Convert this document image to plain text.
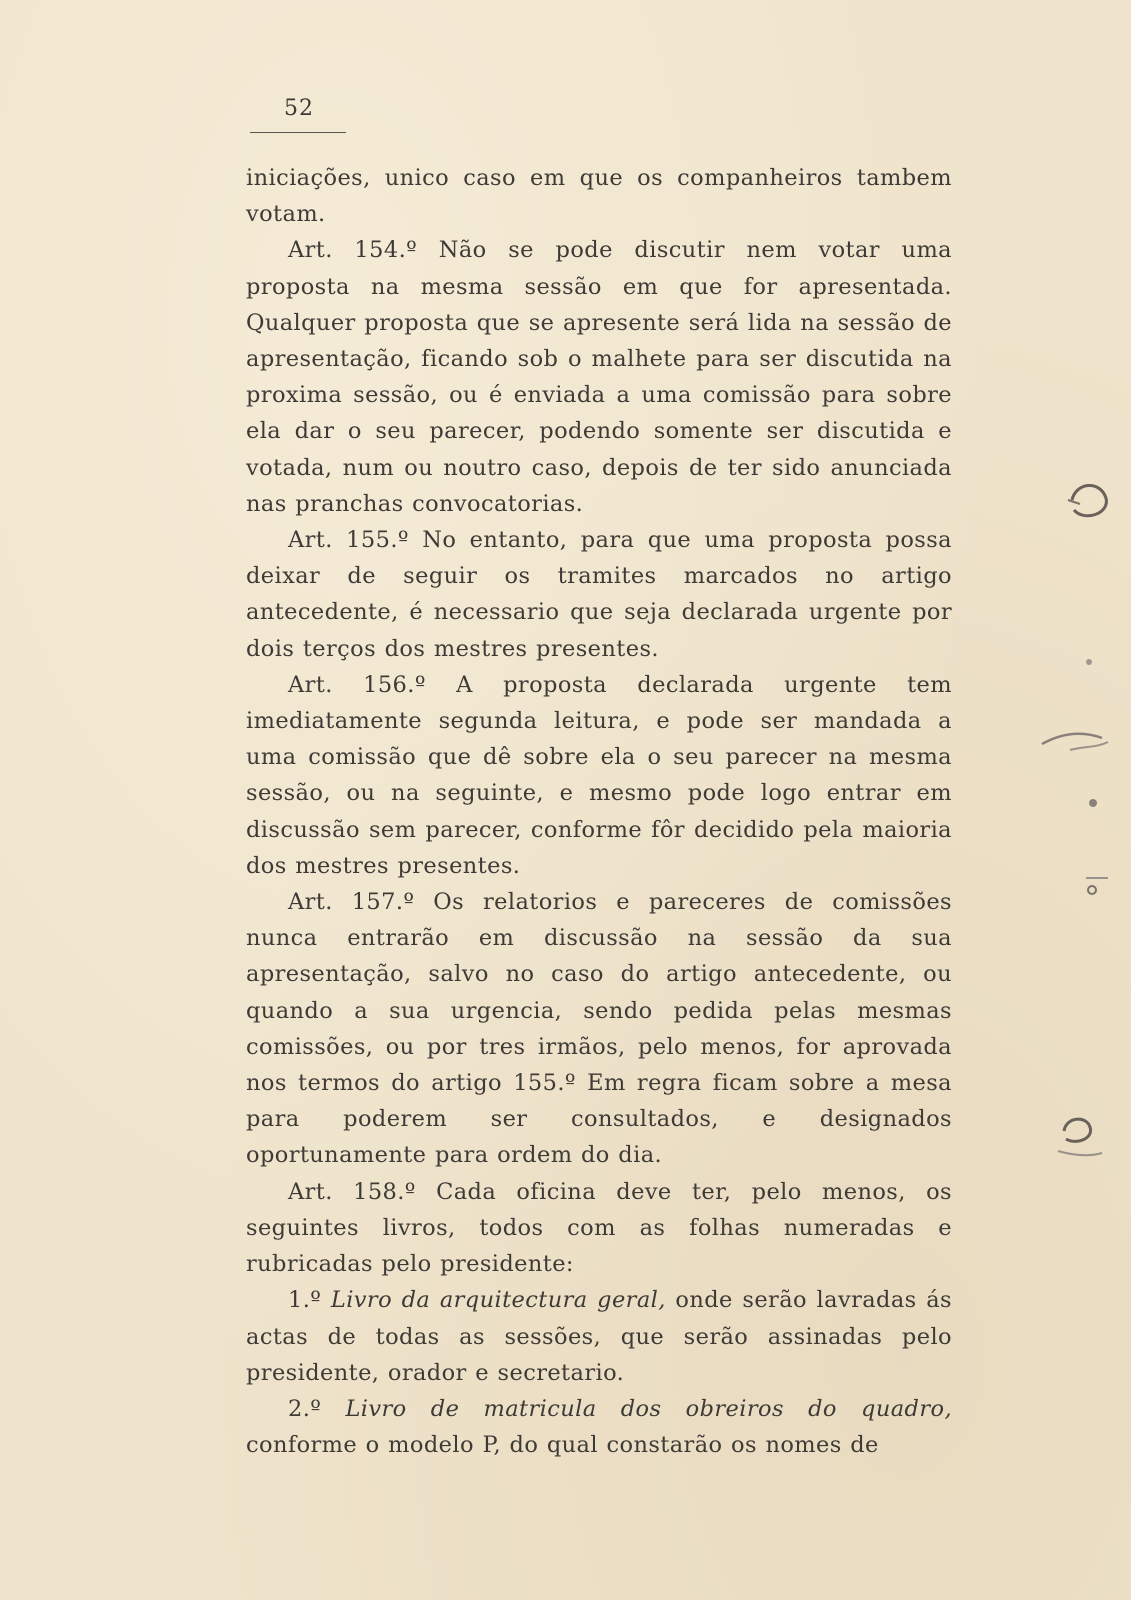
52

iniciações, unico caso em que os companheiros tambem votam.

Art. 154.º Não se pode discutir nem votar uma proposta na mesma sessão em que for apresentada. Qualquer proposta que se apresente será lida na sessão de apresentação, ficando sob o malhete para ser discutida na proxima sessão, ou é enviada a uma comissão para sobre ela dar o seu parecer, podendo somente ser discutida e votada, num ou noutro caso, depois de ter sido anunciada nas pranchas convocatorias.

Art. 155.º No entanto, para que uma proposta possa deixar de seguir os tramites marcados no artigo antecedente, é necessario que seja declarada urgente por dois terços dos mestres presentes.

Art. 156.º A proposta declarada urgente tem imediatamente segunda leitura, e pode ser mandada a uma comissão que dê sobre ela o seu parecer na mesma sessão, ou na seguinte, e mesmo pode logo entrar em discussão sem parecer, conforme fôr decidido pela maioria dos mestres presentes.

Art. 157.º Os relatorios e pareceres de comissões nunca entrarão em discussão na sessão da sua apresentação, salvo no caso do artigo antecedente, ou quando a sua urgencia, sendo pedida pelas mesmas comissões, ou por tres irmãos, pelo menos, for aprovada nos termos do artigo 155.º Em regra ficam sobre a mesa para poderem ser consultados, e designados oportunamente para ordem do dia.

Art. 158.º Cada oficina deve ter, pelo menos, os seguintes livros, todos com as folhas numeradas e rubricadas pelo presidente:

1.º Livro da arquitectura geral, onde serão lavradas ás actas de todas as sessões, que serão assinadas pelo presidente, orador e secretario.

2.º Livro de matricula dos obreiros do quadro, conforme o modelo P, do qual constarão os nomes de
